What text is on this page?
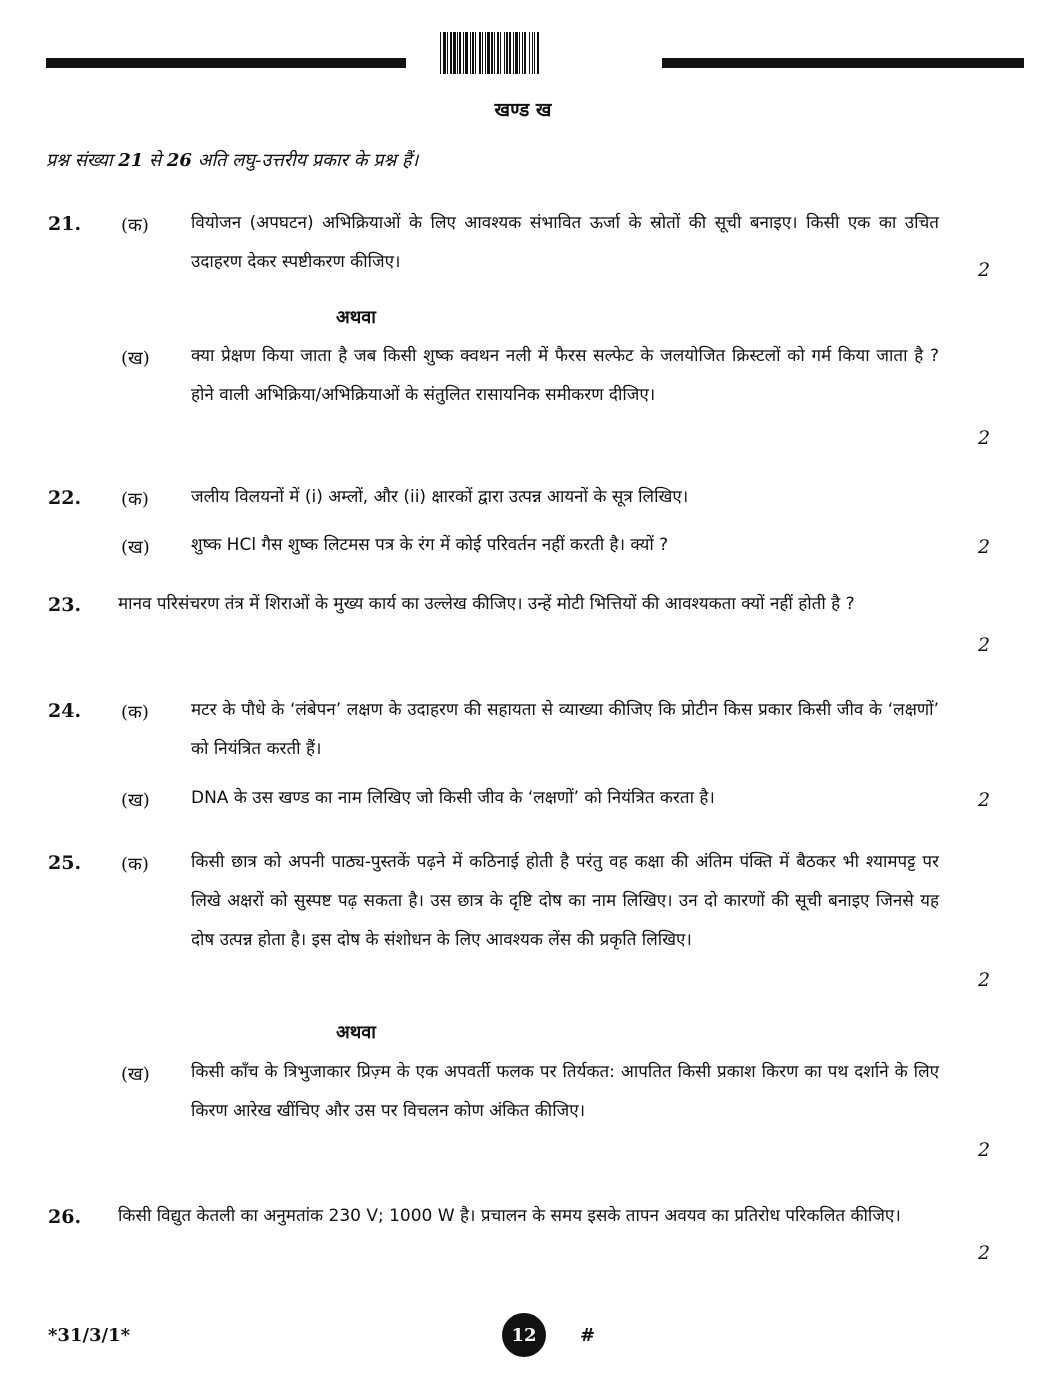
खण्ड ख
प्रश्न संख्या 21 से 26 अति लघु-उत्तरीय प्रकार के प्रश्न हैं।
21. (क) वियोजन (अपघटन) अभिक्रियाओं के लिए आवश्यक संभावित ऊर्जा के स्रोतों की सूची बनाइए। किसी एक का उचित उदाहरण देकर स्पष्टीकरण कीजिए।	2
अथवा
(ख) क्या प्रेक्षण किया जाता है जब किसी शुष्क क्वथन नली में फैरस सल्फेट के जलयोजित क्रिस्टलों को गर्म किया जाता है ? होने वाली अभिक्रिया/अभिक्रियाओं के संतुलित रासायनिक समीकरण दीजिए।
2
22. (क) जलीय विलयनों में (i) अम्लों, और (ii) क्षारकों द्वारा उत्पन्न आयनों के सूत्र लिखिए।
(ख) शुष्क HCl गैस शुष्क लिटमस पत्र के रंग में कोई परिवर्तन नहीं करती है। क्यों ?	2
23. मानव परिसंचरण तंत्र में शिराओं के मुख्य कार्य का उल्लेख कीजिए। उन्हें मोटी भित्तियों की आवश्यकता क्यों नहीं होती है ?
2
24. (क) मटर के पौधे के ‘लंबेपन’ लक्षण के उदाहरण की सहायता से व्याख्या कीजिए कि प्रोटीन किस प्रकार किसी जीव के ‘लक्षणों’ को नियंत्रित करती हैं।
(ख) DNA के उस खण्ड का नाम लिखिए जो किसी जीव के ‘लक्षणों’ को नियंत्रित करता है।	2
25. (क) किसी छात्र को अपनी पाठ्य-पुस्तकें पढ़ने में कठिनाई होती है परंतु वह कक्षा की अंतिम पंक्ति में बैठकर भी श्यामपट्ट पर लिखे अक्षरों को सुस्पष्ट पढ़ सकता है। उस छात्र के दृष्टि दोष का नाम लिखिए। उन दो कारणों की सूची बनाइए जिनसे यह दोष उत्पन्न होता है। इस दोष के संशोधन के लिए आवश्यक लेंस की प्रकृति लिखिए।
2
अथवा
(ख) किसी काँच के त्रिभुजाकार प्रिज़्म के एक अपवर्ती फलक पर तिर्यकत: आपतित किसी प्रकाश किरण का पथ दर्शाने के लिए किरण आरेख खींचिए और उस पर विचलन कोण अंकित कीजिए।
2
26. किसी विद्युत केतली का अनुमतांक 230 V; 1000 W है। प्रचालन के समय इसके तापन अवयव का प्रतिरोध परिकलित कीजिए।
2
*31/3/1*	12	#
